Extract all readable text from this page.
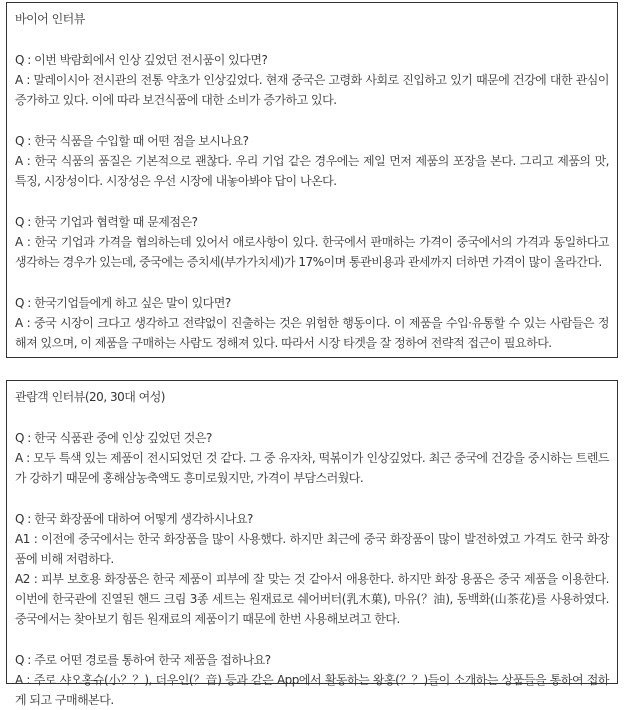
바이어 인터뷰
Q : 이번 박람회에서 인상 깊었던 전시품이 있다면?
A : 말레이시아 전시관의 전통 약초가 인상깊었다. 현재 중국은 고령화 사회로 진입하고 있기 때문에 건강에 대한 관심이 증가하고 있다. 이에 따라 보건식품에 대한 소비가 증가하고 있다.
Q : 한국 식품을 수입할 때 어떤 점을 보시나요?
A : 한국 식품의 품질은 기본적으로 괜찮다. 우리 기업 같은 경우에는 제일 먼저 제품의 포장을 본다. 그리고 제품의 맛, 특징, 시장성이다. 시장성은 우선 시장에 내놓아봐야 답이 나온다.
Q : 한국 기업과 협력할 때 문제점은?
A : 한국 기업과 가격을 협의하는데 있어서 애로사항이 있다. 한국에서 판매하는 가격이 중국에서의 가격과 동일하다고 생각하는 경우가 있는데, 중국에는 증치세(부가가치세)가 17%이며 통관비용과 관세까지 더하면 가격이 많이 올라간다.
Q : 한국기업들에게 하고 싶은 말이 있다면?
A : 중국 시장이 크다고 생각하고 전략없이 진출하는 것은 위험한 행동이다. 이 제품을 수입·유통할 수 있는 사람들은 정해져 있으며, 이 제품을 구매하는 사람도 정해져 있다. 따라서 시장 타겟을 잘 정하여 전략적 접근이 필요하다.
관람객 인터뷰(20, 30대 여성)
Q : 한국 식품관 중에 인상 깊었던 것은?
A : 모두 특색 있는 제품이 전시되었던 것 같다. 그 중 유자차, 떡볶이가 인상깊었다. 최근 중국에 건강을 중시하는 트렌드가 강하기 때문에 홍해삼농축액도 흥미로웠지만, 가격이 부담스러웠다.
Q : 한국 화장품에 대하여 어떻게 생각하시나요?
A1 : 이전에 중국에서는 한국 화장품을 많이 사용했다. 하지만 최근에 중국 화장품이 많이 발전하였고 가격도 한국 화장품에 비해 저렴하다.
A2 : 피부 보호용 화장품은 한국 제품이 피부에 잘 맞는 것 같아서 애용한다. 하지만 화장 용품은 중국 제품을 이용한다. 이번에 한국관에 진열된 핸드 크림 3종 세트는 원재료로 쉐어버터(乳木菓), 마유(？油), 동백화(山茶花)를 사용하였다. 중국에서는 찾아보기 힘든 원재료의 제품이기 때문에 한번 사용해보려고 한다.
Q : 주로 어떤 경로를 통하여 한국 제품을 접하나요?
A : 주로 샤오홍슈(小？？), 더우인(？音) 등과 같은 App에서 활동하는 왕홍(？？)들이 소개하는 상품들을 통하여 접하게 되고 구매해본다.
